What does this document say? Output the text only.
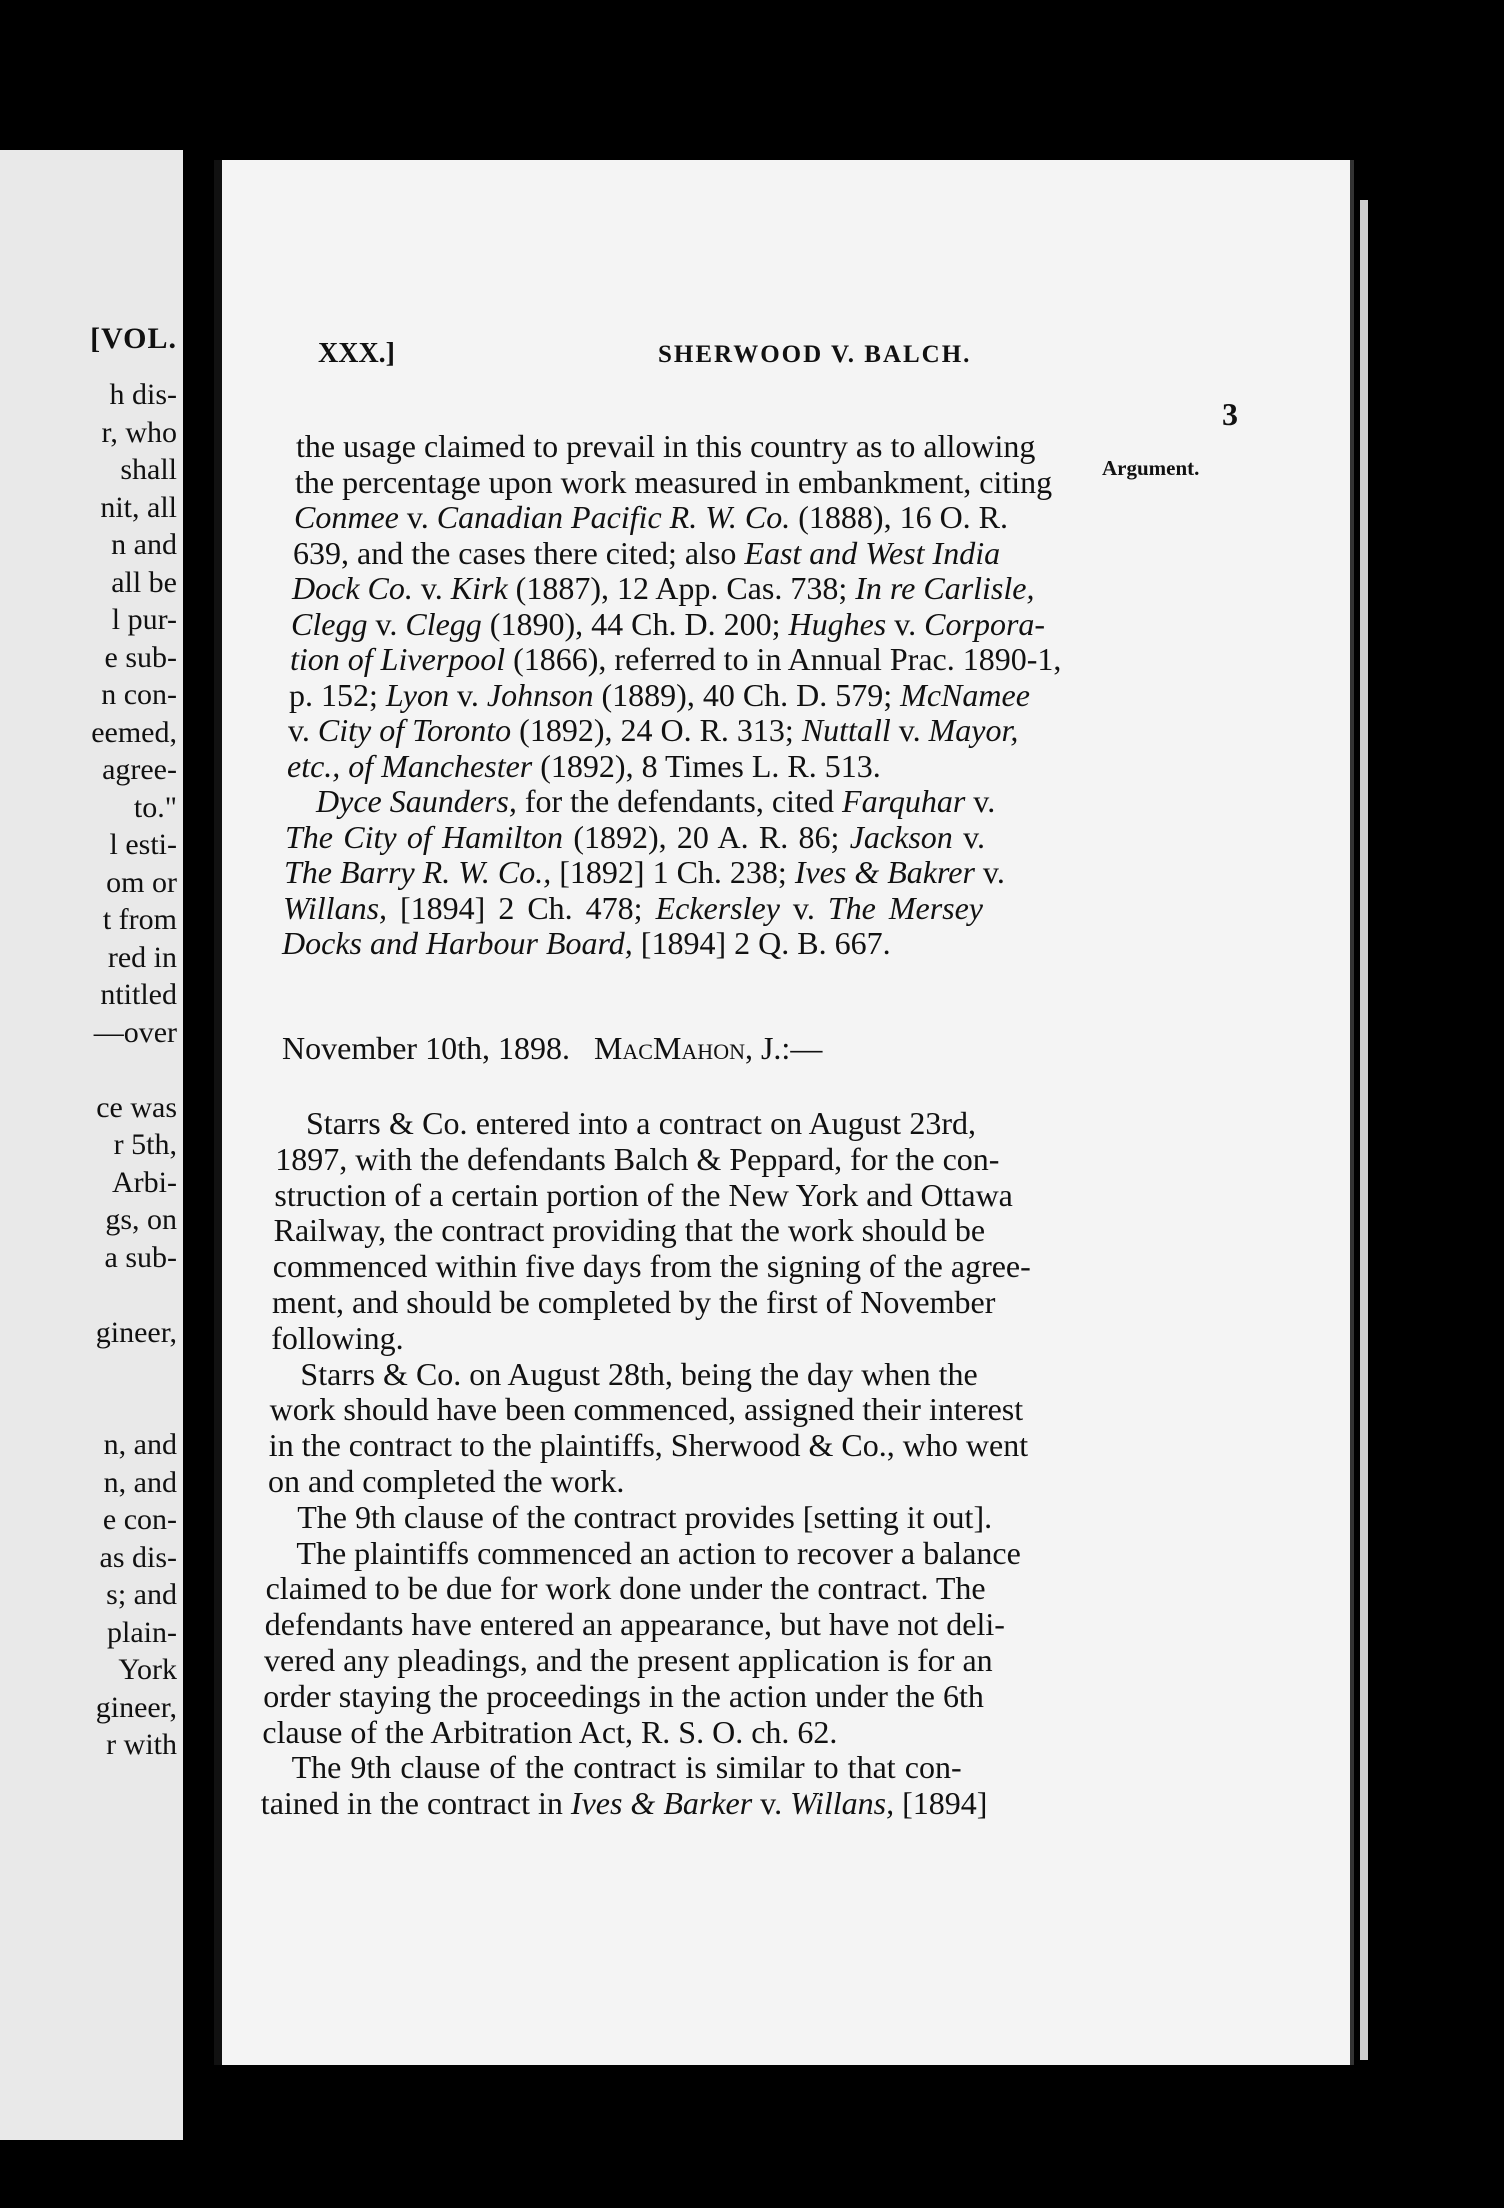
[VOL.
h dis-
r, who
shall
nit, all
n and
all be
l pur-
e sub-
n con-
eemed,
agree-
to."
l esti-
om or
t from
red in
ntitled
—over
ce was
r 5th,
Arbi-
gs, on
a sub-
gineer,
n, and
n, and
e con-
as dis-
s; and
plain-
York
gineer,
r with
XXX.]	SHERWOOD V. BALCH.
3
Argument.
the usage claimed to prevail in this country as to allowing
the percentage upon work measured in embankment, citing
Conmee v. Canadian Pacific R. W. Co. (1888), 16 O. R.
639, and the cases there cited; also East and West India
Dock Co. v. Kirk (1887), 12 App. Cas. 738; In re Carlisle,
Clegg v. Clegg (1890), 44 Ch. D. 200; Hughes v. Corpora-
tion of Liverpool (1866), referred to in Annual Prac. 1890-1,
p. 152; Lyon v. Johnson (1889), 40 Ch. D. 579; McNamee
v. City of Toronto (1892), 24 O. R. 313; Nuttall v. Mayor,
etc., of Manchester (1892), 8 Times L. R. 513.
Dyce Saunders, for the defendants, cited Farquhar v.
The City of Hamilton (1892), 20 A. R. 86; Jackson v.
The Barry R. W. Co., [1892] 1 Ch. 238; Ives & Bakrer v.
Willans, [1894] 2 Ch. 478; Eckersley v. The Mersey
Docks and Harbour Board, [1894] 2 Q. B. 667.
November 10th, 1898. MacMahon, J.:—
Starrs & Co. entered into a contract on August 23rd,
1897, with the defendants Balch & Peppard, for the con-
struction of a certain portion of the New York and Ottawa
Railway, the contract providing that the work should be
commenced within five days from the signing of the agree-
ment, and should be completed by the first of November
following.
Starrs & Co. on August 28th, being the day when the
work should have been commenced, assigned their interest
in the contract to the plaintiffs, Sherwood & Co., who went
on and completed the work.
The 9th clause of the contract provides [setting it out].
The plaintiffs commenced an action to recover a balance
claimed to be due for work done under the contract. The
defendants have entered an appearance, but have not deli-
vered any pleadings, and the present application is for an
order staying the proceedings in the action under the 6th
clause of the Arbitration Act, R. S. O. ch. 62.
The 9th clause of the contract is similar to that con-
tained in the contract in Ives & Barker v. Willans, [1894]
